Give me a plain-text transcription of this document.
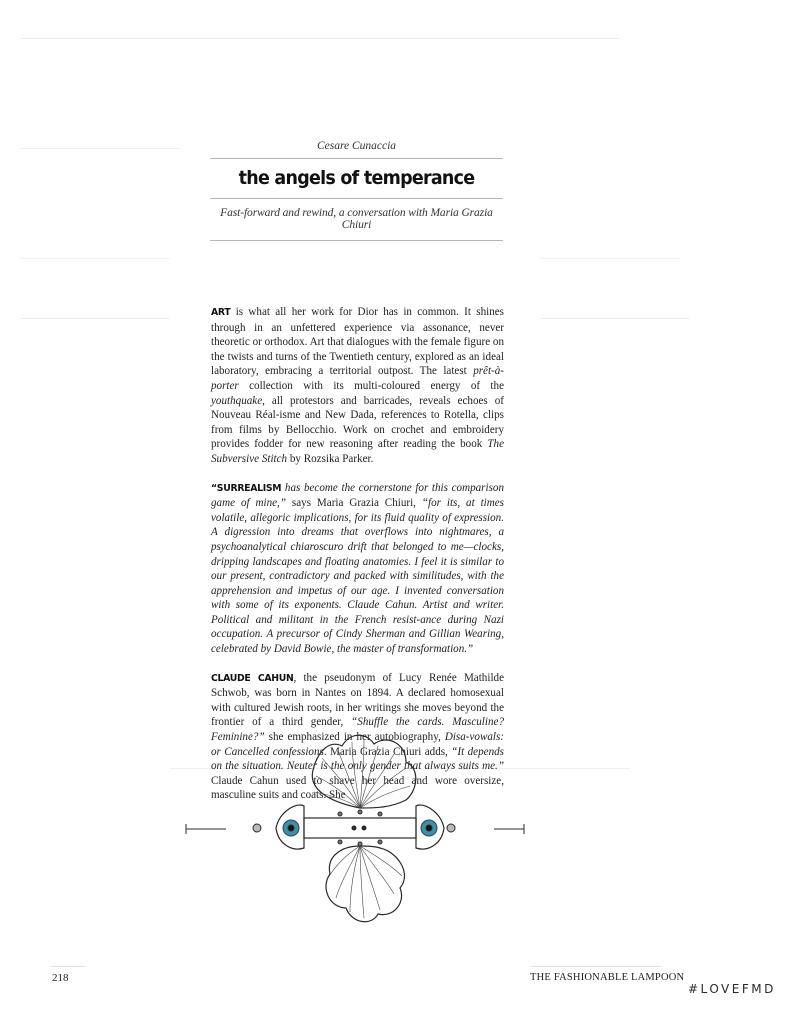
Cesare Cunaccia

the angels of temperance

Fast-forward and rewind, a conversation with Maria Grazia Chiuri

ART is what all her work for Dior has in common. It shines through in an unfettered experience via assonance, never theoretic or orthodox. Art that dialogues with the female figure on the twists and turns of the Twentieth century, explored as an ideal laboratory, embracing a territorial outpost. The latest prêt-à-porter collection with its multi-coloured energy of the youthquake, all protestors and barricades, reveals echoes of Nouveau Réal-isme and New Dada, references to Rotella, clips from films by Bellocchio. Work on crochet and embroidery provides fodder for new reasoning after reading the book The Subversive Stitch by Rozsika Parker.

“SURREALISM has become the cornerstone for this comparison game of mine,” says Maria Grazia Chiuri, “for its, at times volatile, allegoric implications, for its fluid quality of expression. A digression into dreams that overflows into nightmares, a psychoanalytical chiaroscuro drift that belonged to me—clocks, dripping landscapes and floating anatomies. I feel it is similar to our present, contradictory and packed with similitudes, with the apprehension and impetus of our age. I invented conversation with some of its exponents. Claude Cahun. Artist and writer. Political and militant in the French resist-ance during Nazi occupation. A precursor of Cindy Sherman and Gillian Wearing, celebrated by David Bowie, the master of transformation.”

CLAUDE CAHUN, the pseudonym of Lucy Renée Mathilde Schwob, was born in Nantes on 1894. A declared homosexual with cultured Jewish roots, in her writings she moves beyond the frontier of a third gender, “Shuffle the cards. Masculine? Feminine?” she emphasized in her autobiography, Disa-vowals: or Cancelled confessions. Maria Grazia Chiuri adds, “It depends on the situation. Neuter is the only gender that always suits me.” Claude Cahun used to shave her head and wore oversize, masculine suits and coats. She

218	THE FASHIONABLE LAMPOON
#LOVEFMD
